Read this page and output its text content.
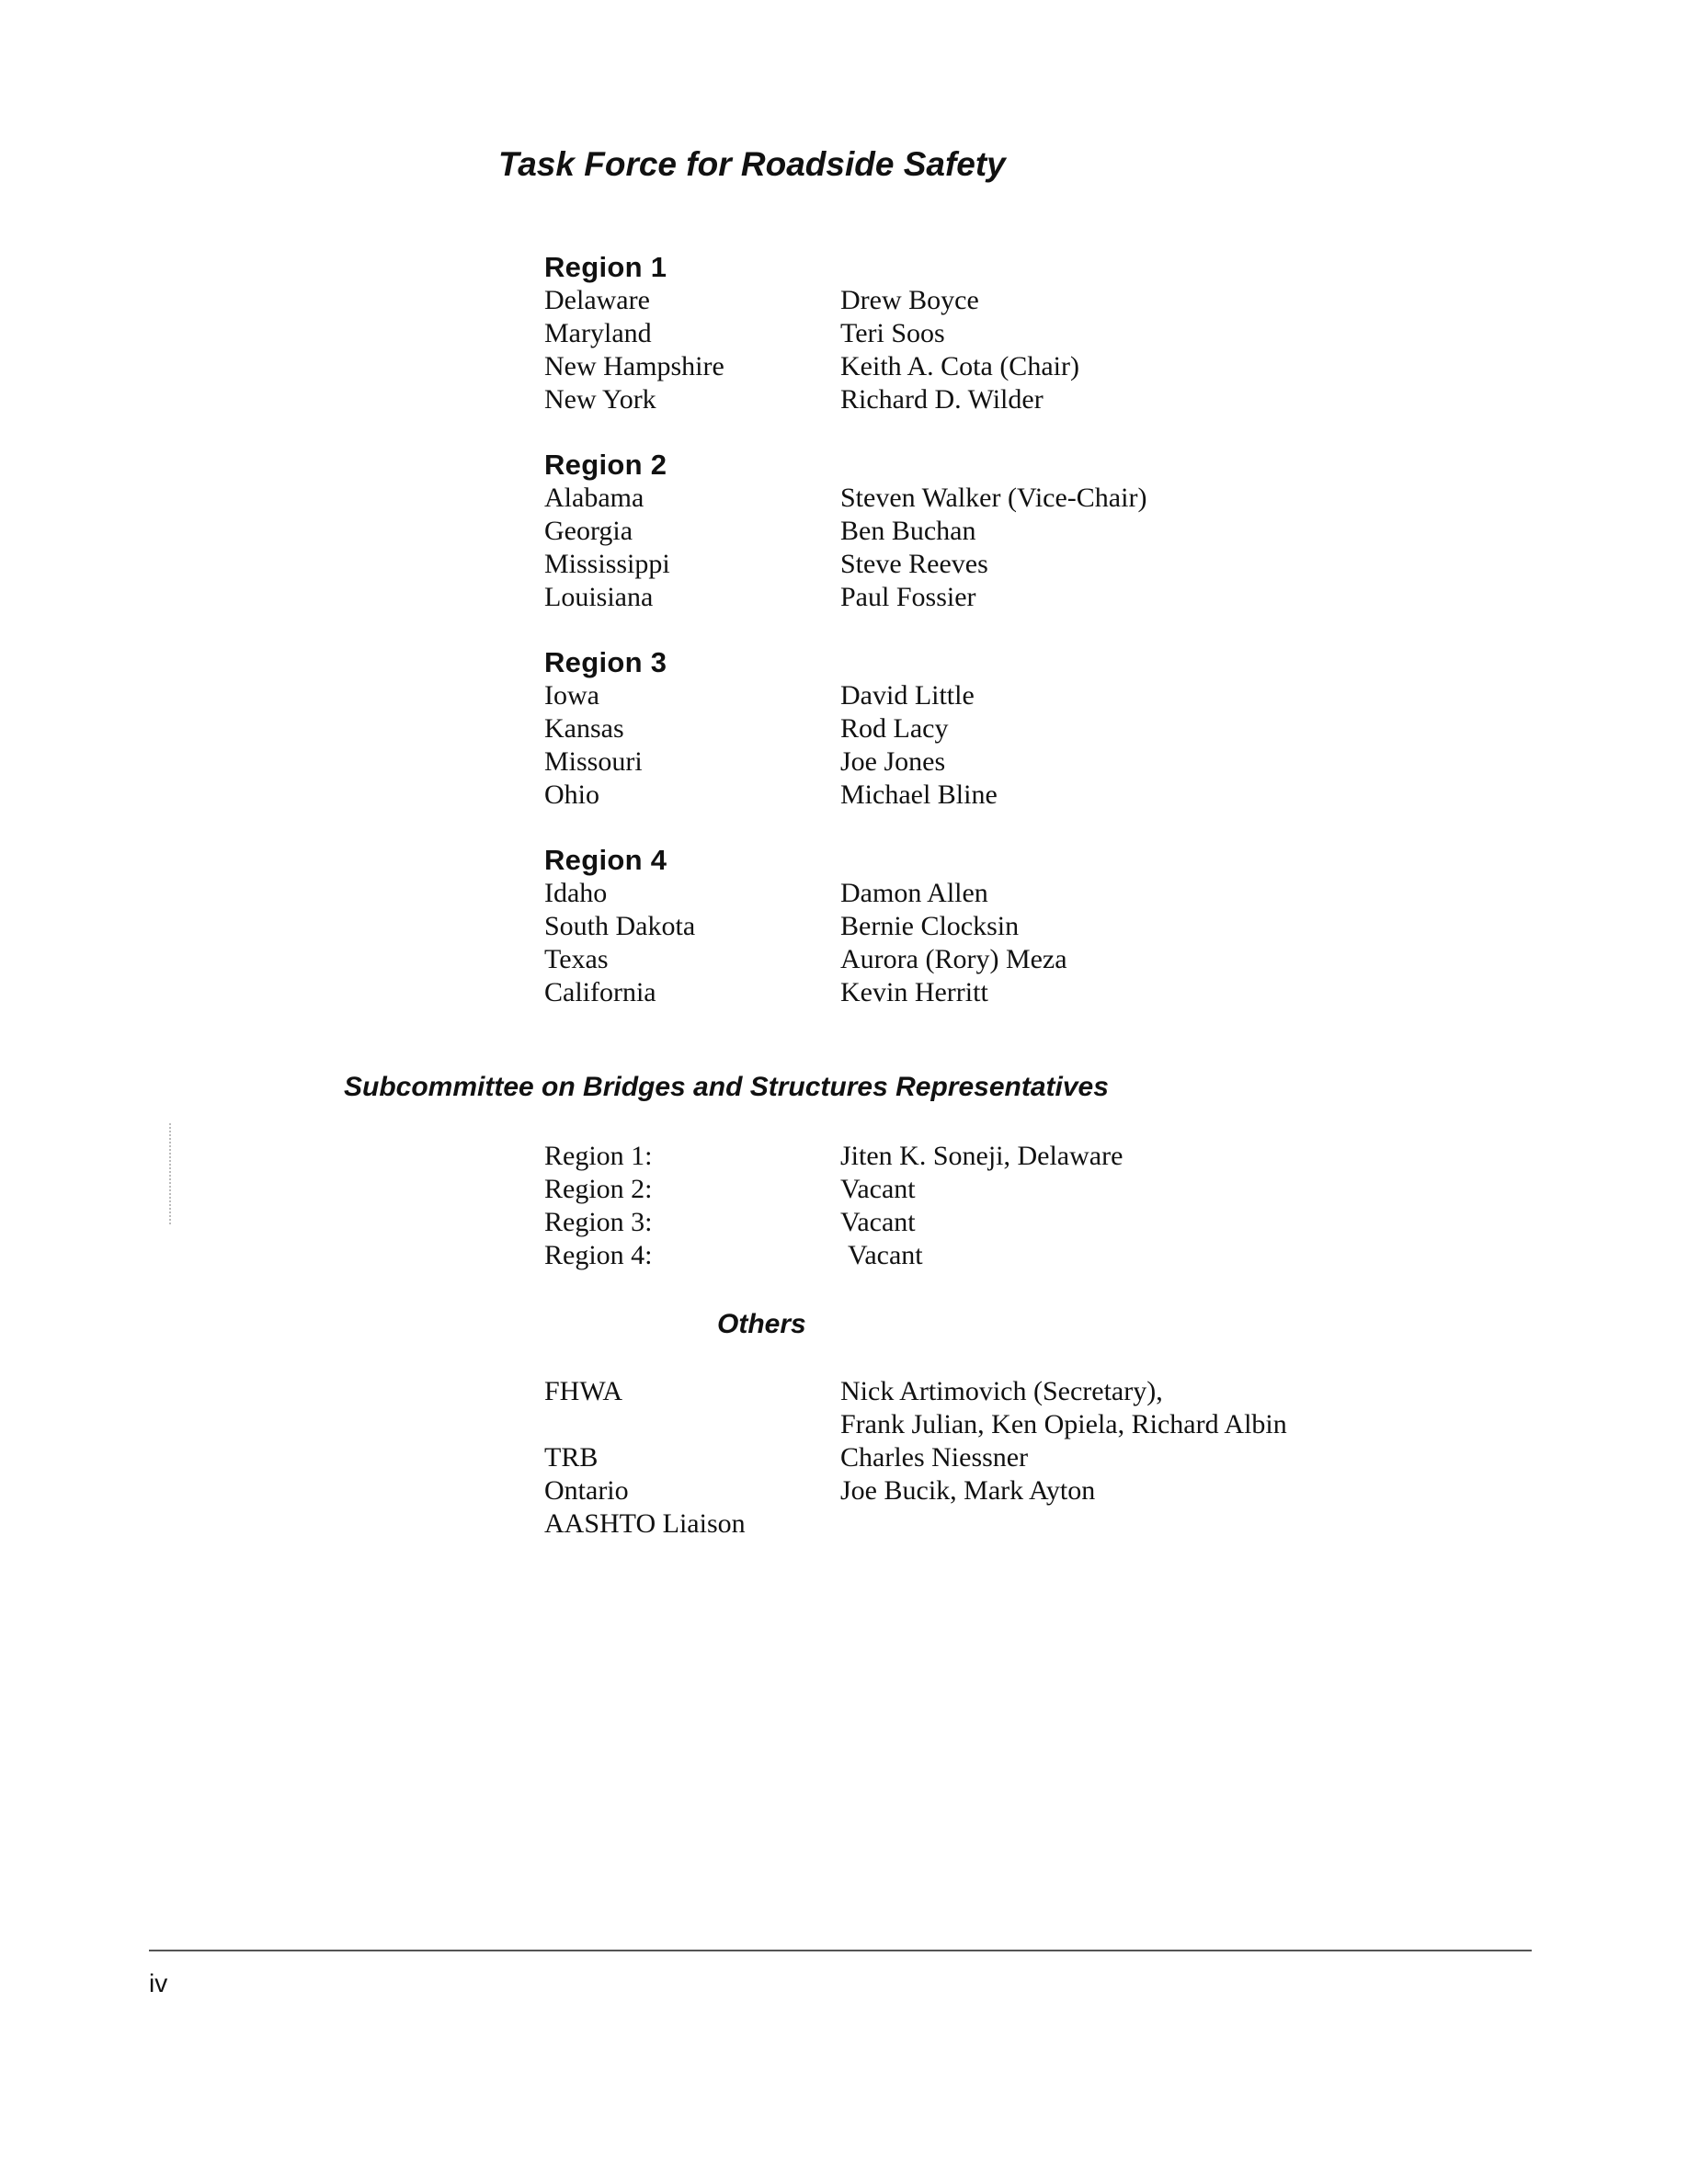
Task Force for Roadside Safety
Region 1
Delaware	Drew Boyce
Maryland	Teri Soos
New Hampshire	Keith A. Cota (Chair)
New York	Richard D. Wilder
Region 2
Alabama	Steven Walker (Vice-Chair)
Georgia	Ben Buchan
Mississippi	Steve Reeves
Louisiana	Paul Fossier
Region 3
Iowa	David Little
Kansas	Rod Lacy
Missouri	Joe Jones
Ohio	Michael Bline
Region 4
Idaho	Damon Allen
South Dakota	Bernie Clocksin
Texas	Aurora (Rory) Meza
California	Kevin Herritt
Subcommittee on Bridges and Structures Representatives
Region 1:	Jiten K. Soneji, Delaware
Region 2:	Vacant
Region 3:	Vacant
Region 4:	Vacant
Others
FHWA	Nick Artimovich (Secretary),
Frank Julian, Ken Opiela, Richard Albin
TRB	Charles Niessner
Ontario	Joe Bucik, Mark Ayton
AASHTO Liaison
iv
